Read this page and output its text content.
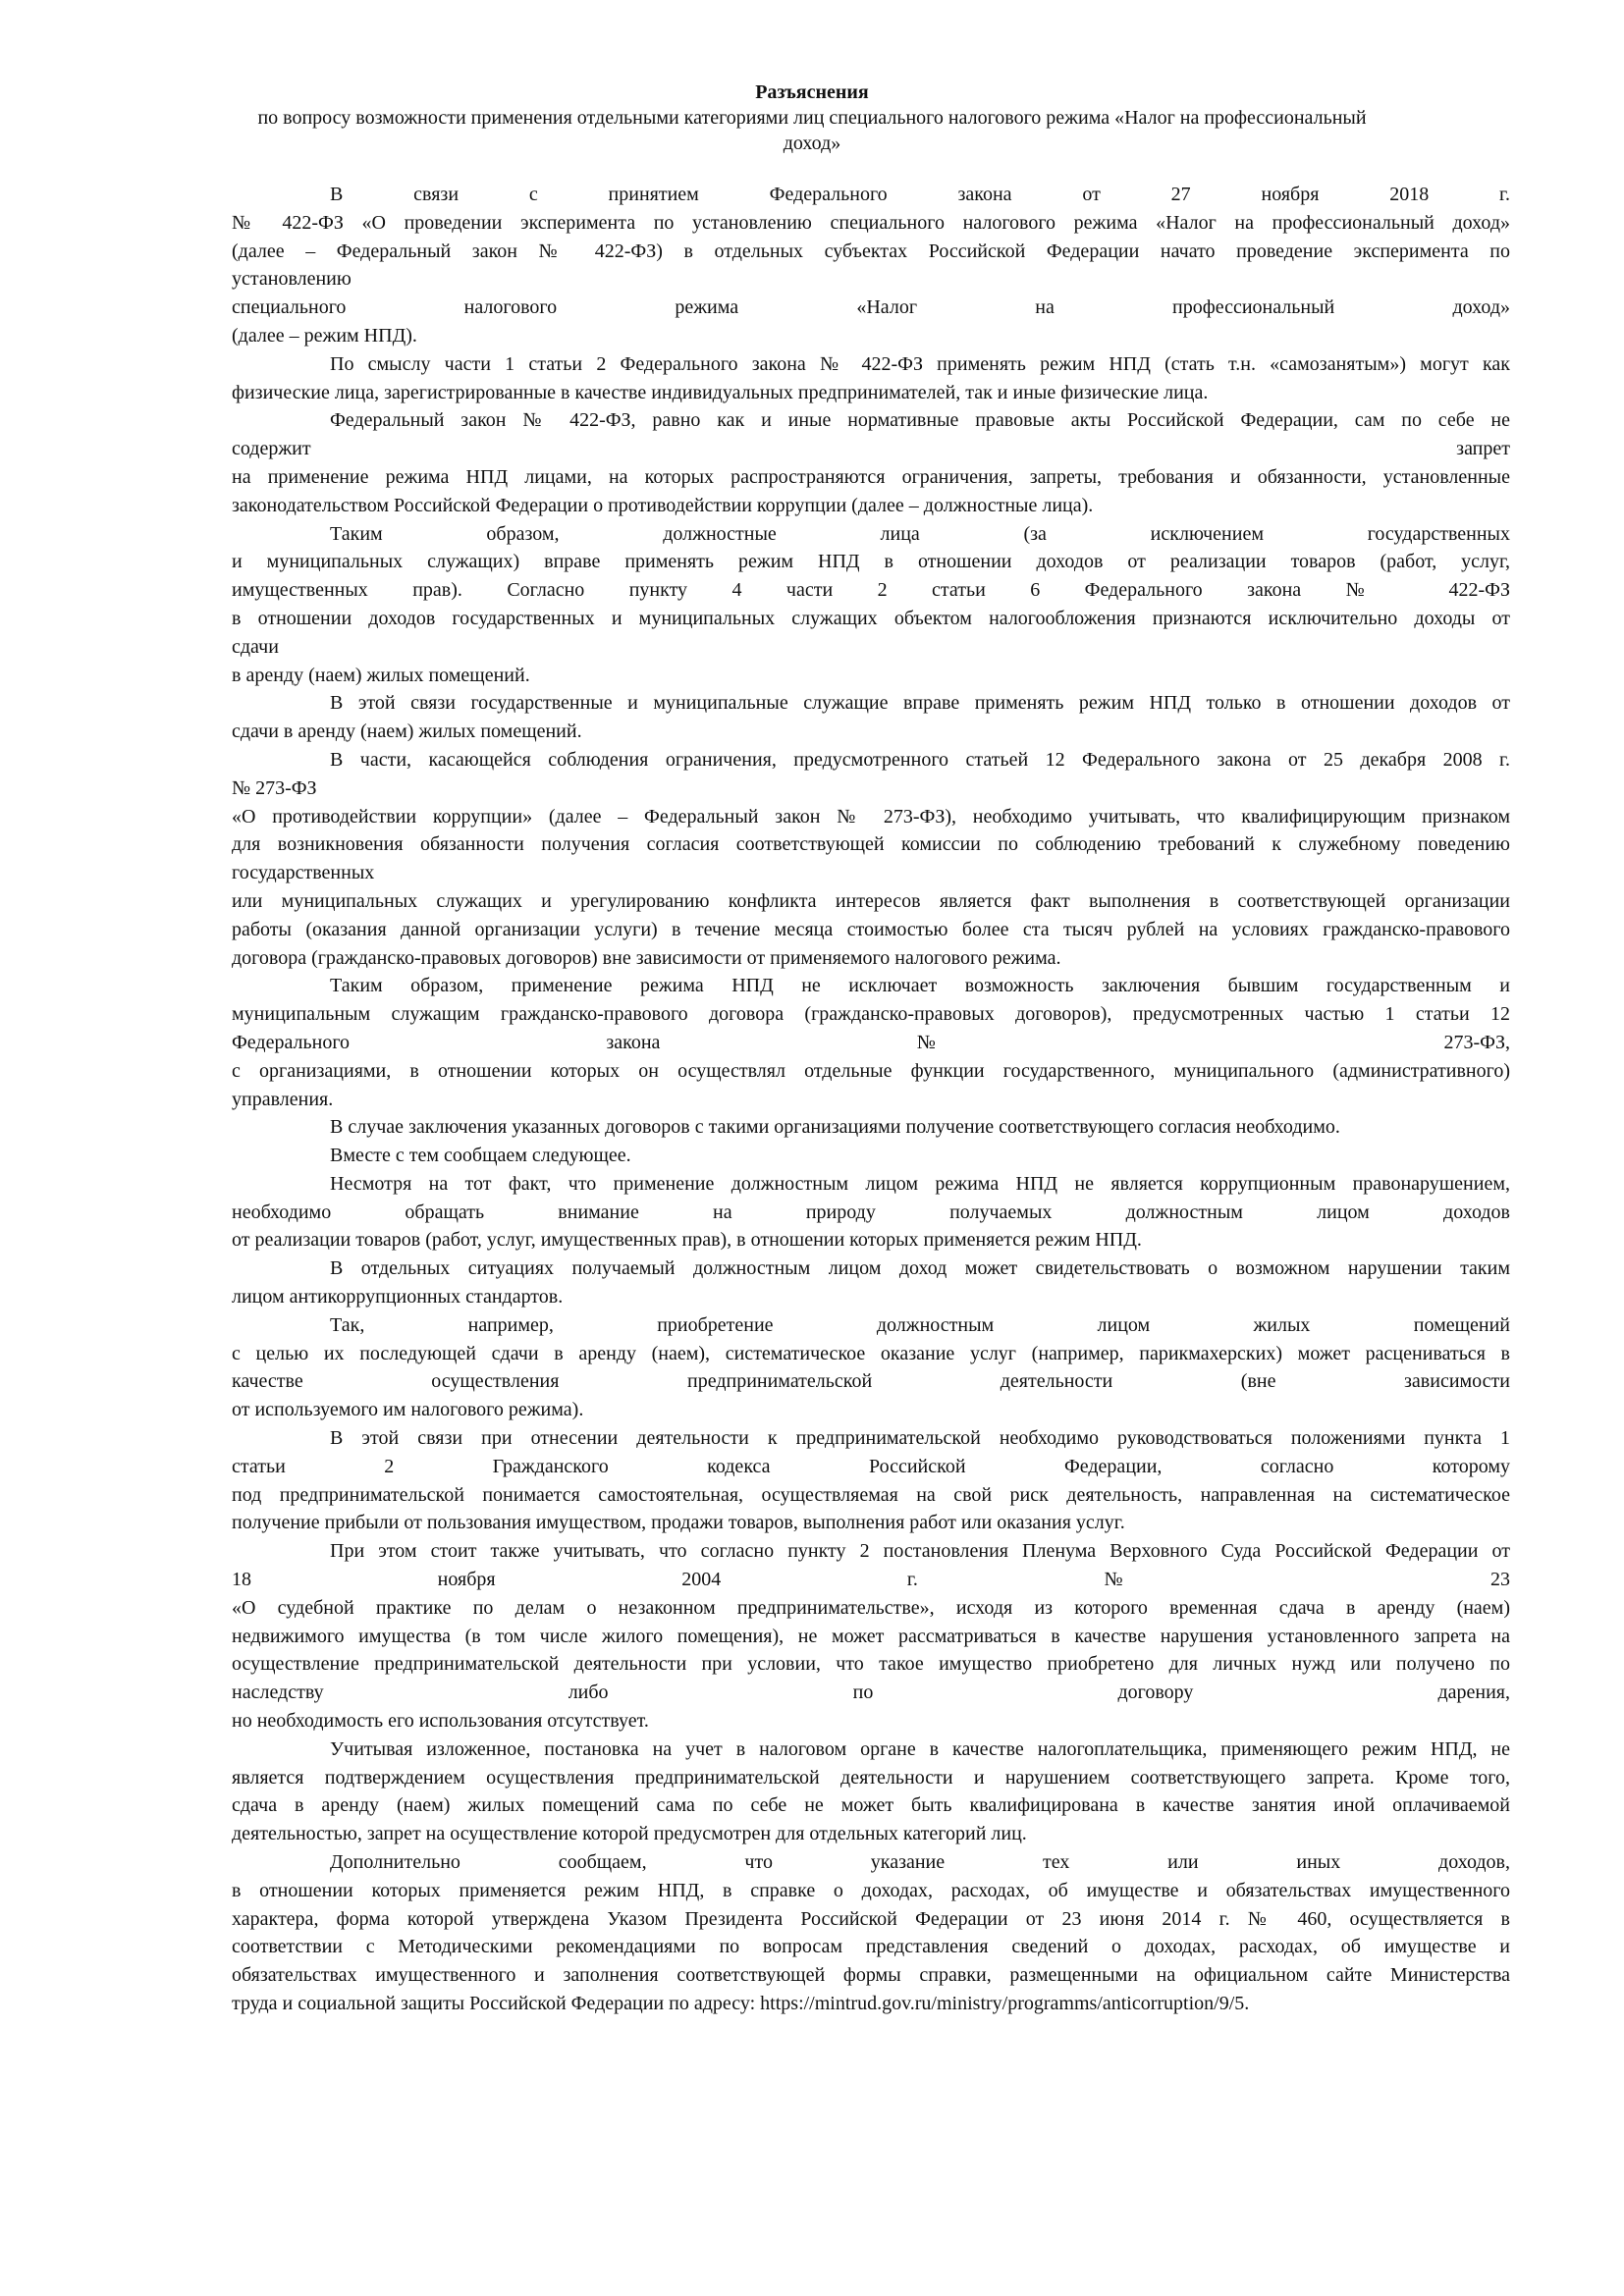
Разъяснения
по вопросу возможности применения отдельными категориями лиц специального налогового режима «Налог на профессиональный доход»
В связи с принятием Федерального закона от 27 ноября 2018 г.
№ 422-ФЗ «О проведении эксперимента по установлению специального налогового режима «Налог на профессиональный доход»
(далее – Федеральный закон № 422-ФЗ) в отдельных субъектах Российской Федерации начато проведение эксперимента по
установлению
специального налогового режима «Налог на профессиональный доход»
(далее – режим НПД).
По смыслу части 1 статьи 2 Федерального закона № 422-ФЗ применять режим НПД (стать т.н. «самозанятым») могут как
физические лица, зарегистрированные в качестве индивидуальных предпринимателей, так и иные физические лица.
Федеральный закон № 422-ФЗ, равно как и иные нормативные правовые акты Российской Федерации, сам по себе не
содержит запрет
на применение режима НПД лицами, на которых распространяются ограничения, запреты, требования и обязанности, установленные
законодательством Российской Федерации о противодействии коррупции (далее – должностные лица).
Таким образом, должностные лица (за исключением государственных
и муниципальных служащих) вправе применять режим НПД в отношении доходов от реализации товаров (работ, услуг,
имущественных прав). Согласно пункту 4 части 2 статьи 6 Федерального закона № 422-ФЗ
в отношении доходов государственных и муниципальных служащих объектом налогообложения признаются исключительно доходы от
сдачи
в аренду (наем) жилых помещений.
В этой связи государственные и муниципальные служащие вправе применять режим НПД только в отношении доходов от
сдачи в аренду (наем) жилых помещений.
В части, касающейся соблюдения ограничения, предусмотренного статьей 12 Федерального закона от 25 декабря 2008 г.
№ 273-ФЗ
«О противодействии коррупции» (далее – Федеральный закон № 273-ФЗ), необходимо учитывать, что квалифицирующим признаком
для возникновения обязанности получения согласия соответствующей комиссии по соблюдению требований к служебному поведению
государственных
или муниципальных служащих и урегулированию конфликта интересов является факт выполнения в соответствующей организации
работы (оказания данной организации услуги) в течение месяца стоимостью более ста тысяч рублей на условиях гражданско-правового
договора (гражданско-правовых договоров) вне зависимости от применяемого налогового режима.
Таким образом, применение режима НПД не исключает возможность заключения бывшим государственным и
муниципальным служащим гражданско-правового договора (гражданско-правовых договоров), предусмотренных частью 1 статьи 12
Федерального закона № 273-ФЗ,
с организациями, в отношении которых он осуществлял отдельные функции государственного, муниципального (административного)
управления.
В случае заключения указанных договоров с такими организациями получение соответствующего согласия необходимо.
Вместе с тем сообщаем следующее.
Несмотря на тот факт, что применение должностным лицом режима НПД не является коррупционным правонарушением,
необходимо обращать внимание на природу получаемых должностным лицом доходов
от реализации товаров (работ, услуг, имущественных прав), в отношении которых применяется режим НПД.
В отдельных ситуациях получаемый должностным лицом доход может свидетельствовать о возможном нарушении таким
лицом антикоррупционных стандартов.
Так, например, приобретение должностным лицом жилых помещений
с целью их последующей сдачи в аренду (наем), систематическое оказание услуг (например, парикмахерских) может расцениваться в
качестве осуществления предпринимательской деятельности (вне зависимости
от используемого им налогового режима).
В этой связи при отнесении деятельности к предпринимательской необходимо руководствоваться положениями пункта 1
статьи 2 Гражданского кодекса Российской Федерации, согласно которому
под предпринимательской понимается самостоятельная, осуществляемая на свой риск деятельность, направленная на систематическое
получение прибыли от пользования имуществом, продажи товаров, выполнения работ или оказания услуг.
При этом стоит также учитывать, что согласно пункту 2 постановления Пленума Верховного Суда Российской Федерации от
18 ноября 2004 г. № 23
«О судебной практике по делам о незаконном предпринимательстве», исходя из которого временная сдача в аренду (наем)
недвижимого имущества (в том числе жилого помещения), не может рассматриваться в качестве нарушения установленного запрета на
осуществление предпринимательской деятельности при условии, что такое имущество приобретено для личных нужд или получено по
наследству либо по договору дарения,
но необходимость его использования отсутствует.
Учитывая изложенное, постановка на учет в налоговом органе в качестве налогоплательщика, применяющего режим НПД, не
является подтверждением осуществления предпринимательской деятельности и нарушением соответствующего запрета. Кроме того,
сдача в аренду (наем) жилых помещений сама по себе не может быть квалифицирована в качестве занятия иной оплачиваемой
деятельностью, запрет на осуществление которой предусмотрен для отдельных категорий лиц.
Дополнительно сообщаем, что указание тех или иных доходов,
в отношении которых применяется режим НПД, в справке о доходах, расходах, об имуществе и обязательствах имущественного
характера, форма которой утверждена Указом Президента Российской Федерации от 23 июня 2014 г. № 460, осуществляется в
соответствии с Методическими рекомендациями по вопросам представления сведений о доходах, расходах, об имуществе и
обязательствах имущественного и заполнения соответствующей формы справки, размещенными на официальном сайте Министерства
труда и социальной защиты Российской Федерации по адресу: https://mintrud.gov.ru/ministry/programms/anticorruption/9/5.
